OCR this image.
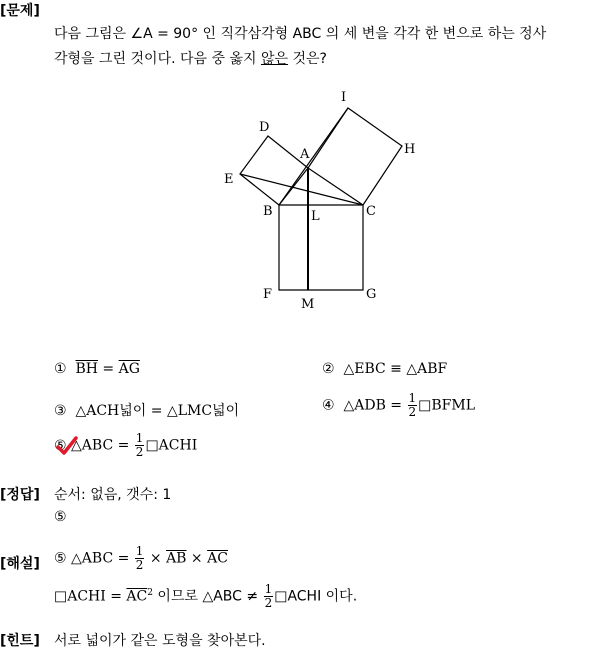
[문제]
다음 그림은 ∠A = 90° 인 직각삼각형 ABC 의 세 변을 각각 한 변으로 하는 정사
각형을 그린 것이다. 다음 중 옳지 않은 것은?
I
D
A	H
E
B	L	C
F
M
G
① $\overline{BH} = \overline{AG}$	② △EBC ≡ △ABF
③ △ACH넓이 = △LMC넓이	④ △ADB = $\frac{1}{2}$ □BFML
⑤ △ABC = $\frac{1}{2}$ □ACHI
[정답] 순서: 없음, 갯수: 1
⑤
[해설] ⑤ △ABC = $\frac{1}{2} \times \overline{AB} \times \overline{AC}$
□ACHI = $\overline{AC}^2$ 이므로 △ABC ≠ $\frac{1}{2}$ □ACHI 이다.
[힌트] 서로 넓이가 같은 도형을 찾아본다.
